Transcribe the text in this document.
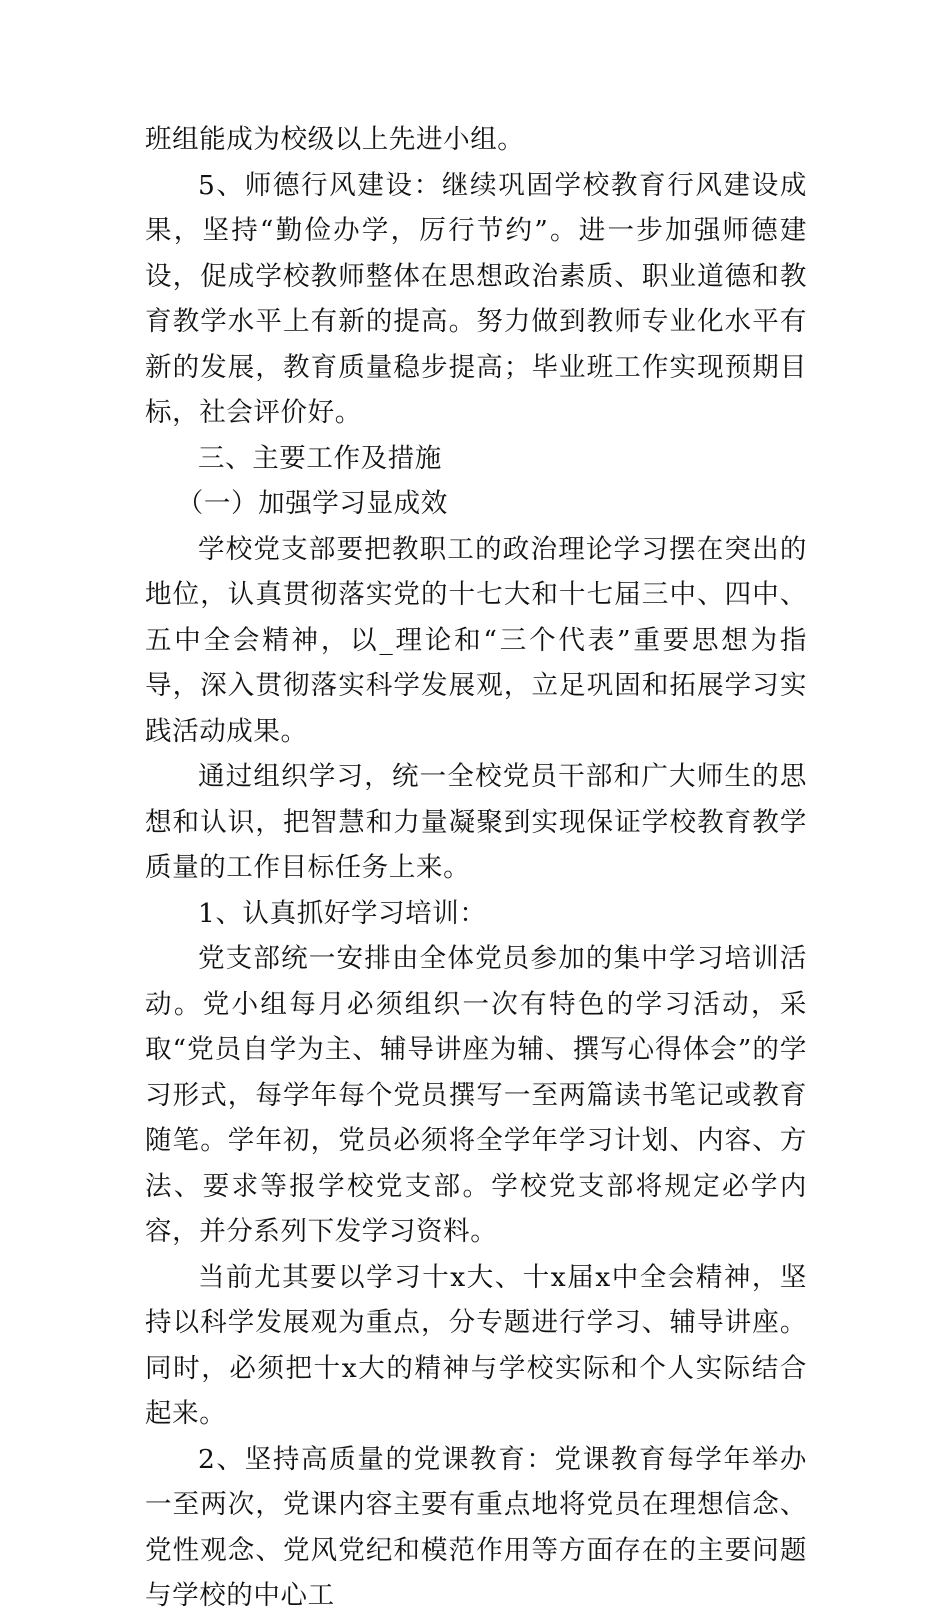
班组能成为校级以上先进小组。

5、师德行风建设：继续巩固学校教育行风建设成果，坚持“勤俭办学，厉行节约”。进一步加强师德建设，促成学校教师整体在思想政治素质、职业道德和教育教学水平上有新的提高。努力做到教师专业化水平有新的发展，教育质量稳步提高；毕业班工作实现预期目标，社会评价好。

三、主要工作及措施

（一）加强学习显成效

学校党支部要把教职工的政治理论学习摆在突出的地位，认真贯彻落实党的十七大和十七届三中、四中、五中全会精神，以_理论和“三个代表”重要思想为指导，深入贯彻落实科学发展观，立足巩固和拓展学习实践活动成果。

通过组织学习，统一全校党员干部和广大师生的思想和认识，把智慧和力量凝聚到实现保证学校教育教学质量的工作目标任务上来。

1、认真抓好学习培训：

党支部统一安排由全体党员参加的集中学习培训活动。党小组每月必须组织一次有特色的学习活动，采取“党员自学为主、辅导讲座为辅、撰写心得体会”的学习形式，每学年每个党员撰写一至两篇读书笔记或教育随笔。学年初，党员必须将全学年学习计划、内容、方法、要求等报学校党支部。学校党支部将规定必学内容，并分系列下发学习资料。

当前尤其要以学习十x大、十x届x中全会精神，坚持以科学发展观为重点，分专题进行学习、辅导讲座。同时，必须把十x大的精神与学校实际和个人实际结合起来。

2、坚持高质量的党课教育：党课教育每学年举办一至两次，党课内容主要有重点地将党员在理想信念、党性观念、党风党纪和模范作用等方面存在的主要问题与学校的中心工
